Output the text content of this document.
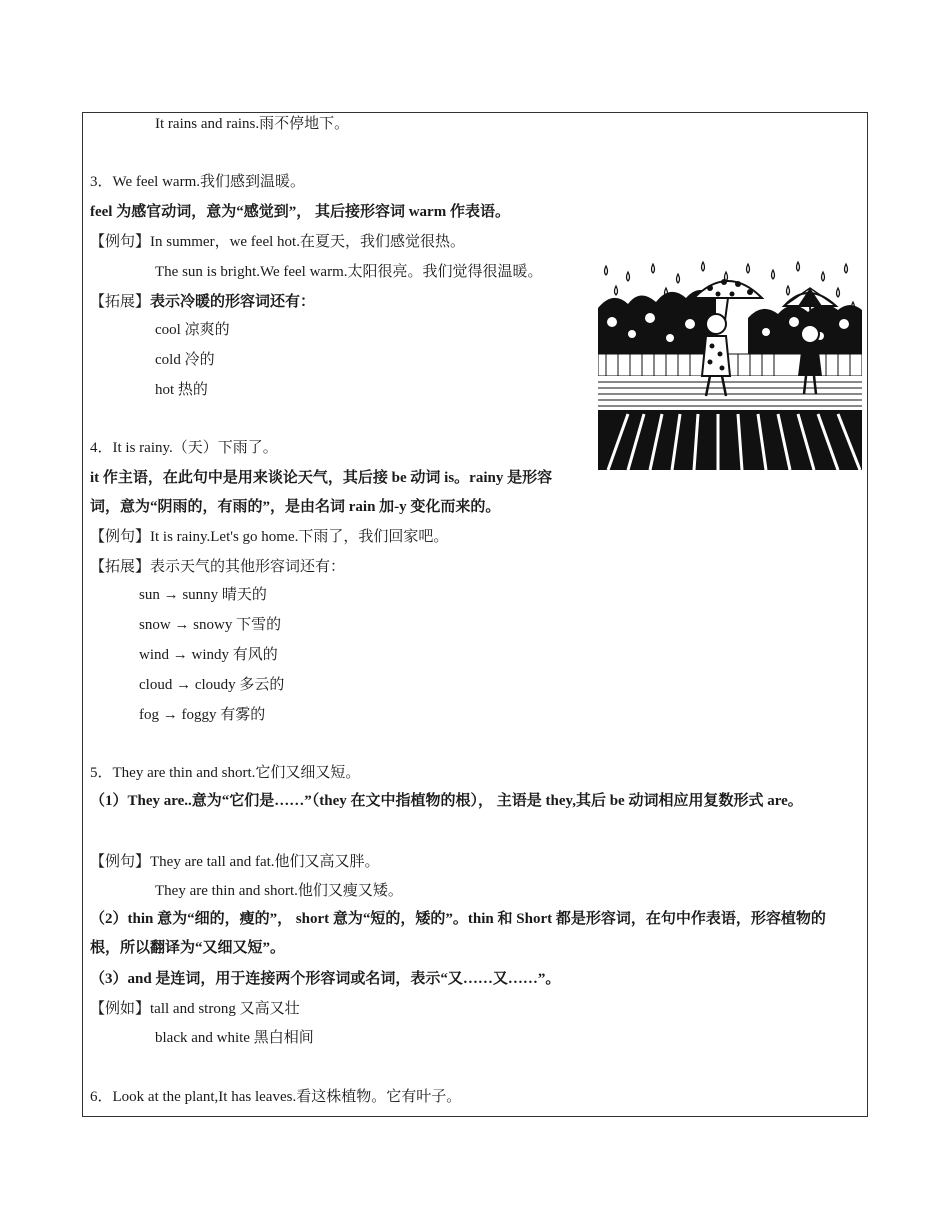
It rains and rains.雨不停地下。
3．We feel warm.我们感到温暖。
feel 为感官动词，意为“感觉到”， 其后接形容词 warm 作表语。
【例句】In summer，we feel hot.在夏天，我们感觉很热。
The sun is bright.We feel warm.太阳很亮。我们觉得很温暖。
【拓展】表示冷暖的形容词还有：
cool 凉爽的
cold 冷的
hot 热的
4．It is rainy.（天）下雨了。
it 作主语，在此句中是用来谈论天气，其后接 be 动词 is。rainy 是形容
词，意为“阴雨的，有雨的”，是由名词 rain 加-y 变化而来的。
【例句】It is rainy.Let's go home.下雨了，我们回家吧。
【拓展】表示天气的其他形容词还有：
sun → sunny 晴天的
snow → snowy 下雪的
wind → windy 有风的
cloud → cloudy 多云的
fog → foggy 有雾的
5．They are thin and short.它们又细又短。
（1）They are..意为“它们是……”（they 在文中指植物的根）， 主语是 they,其后 be 动词相应用复数形式 are。
【例句】They are tall and fat.他们又高又胖。
They are thin and short.他们又瘦又矮。
（2）thin 意为“细的，瘦的”， short 意为“短的，矮的”。thin 和 Short 都是形容词，在句中作表语，形容植物的根，所以翻译为“又细又短”。
（3）and 是连词，用于连接两个形容词或名词，表示“又……又……”。
【例如】tall and strong 又高又壮
black and white 黑白相间
6．Look at the plant,It has leaves.看这株植物。它有叶子。
